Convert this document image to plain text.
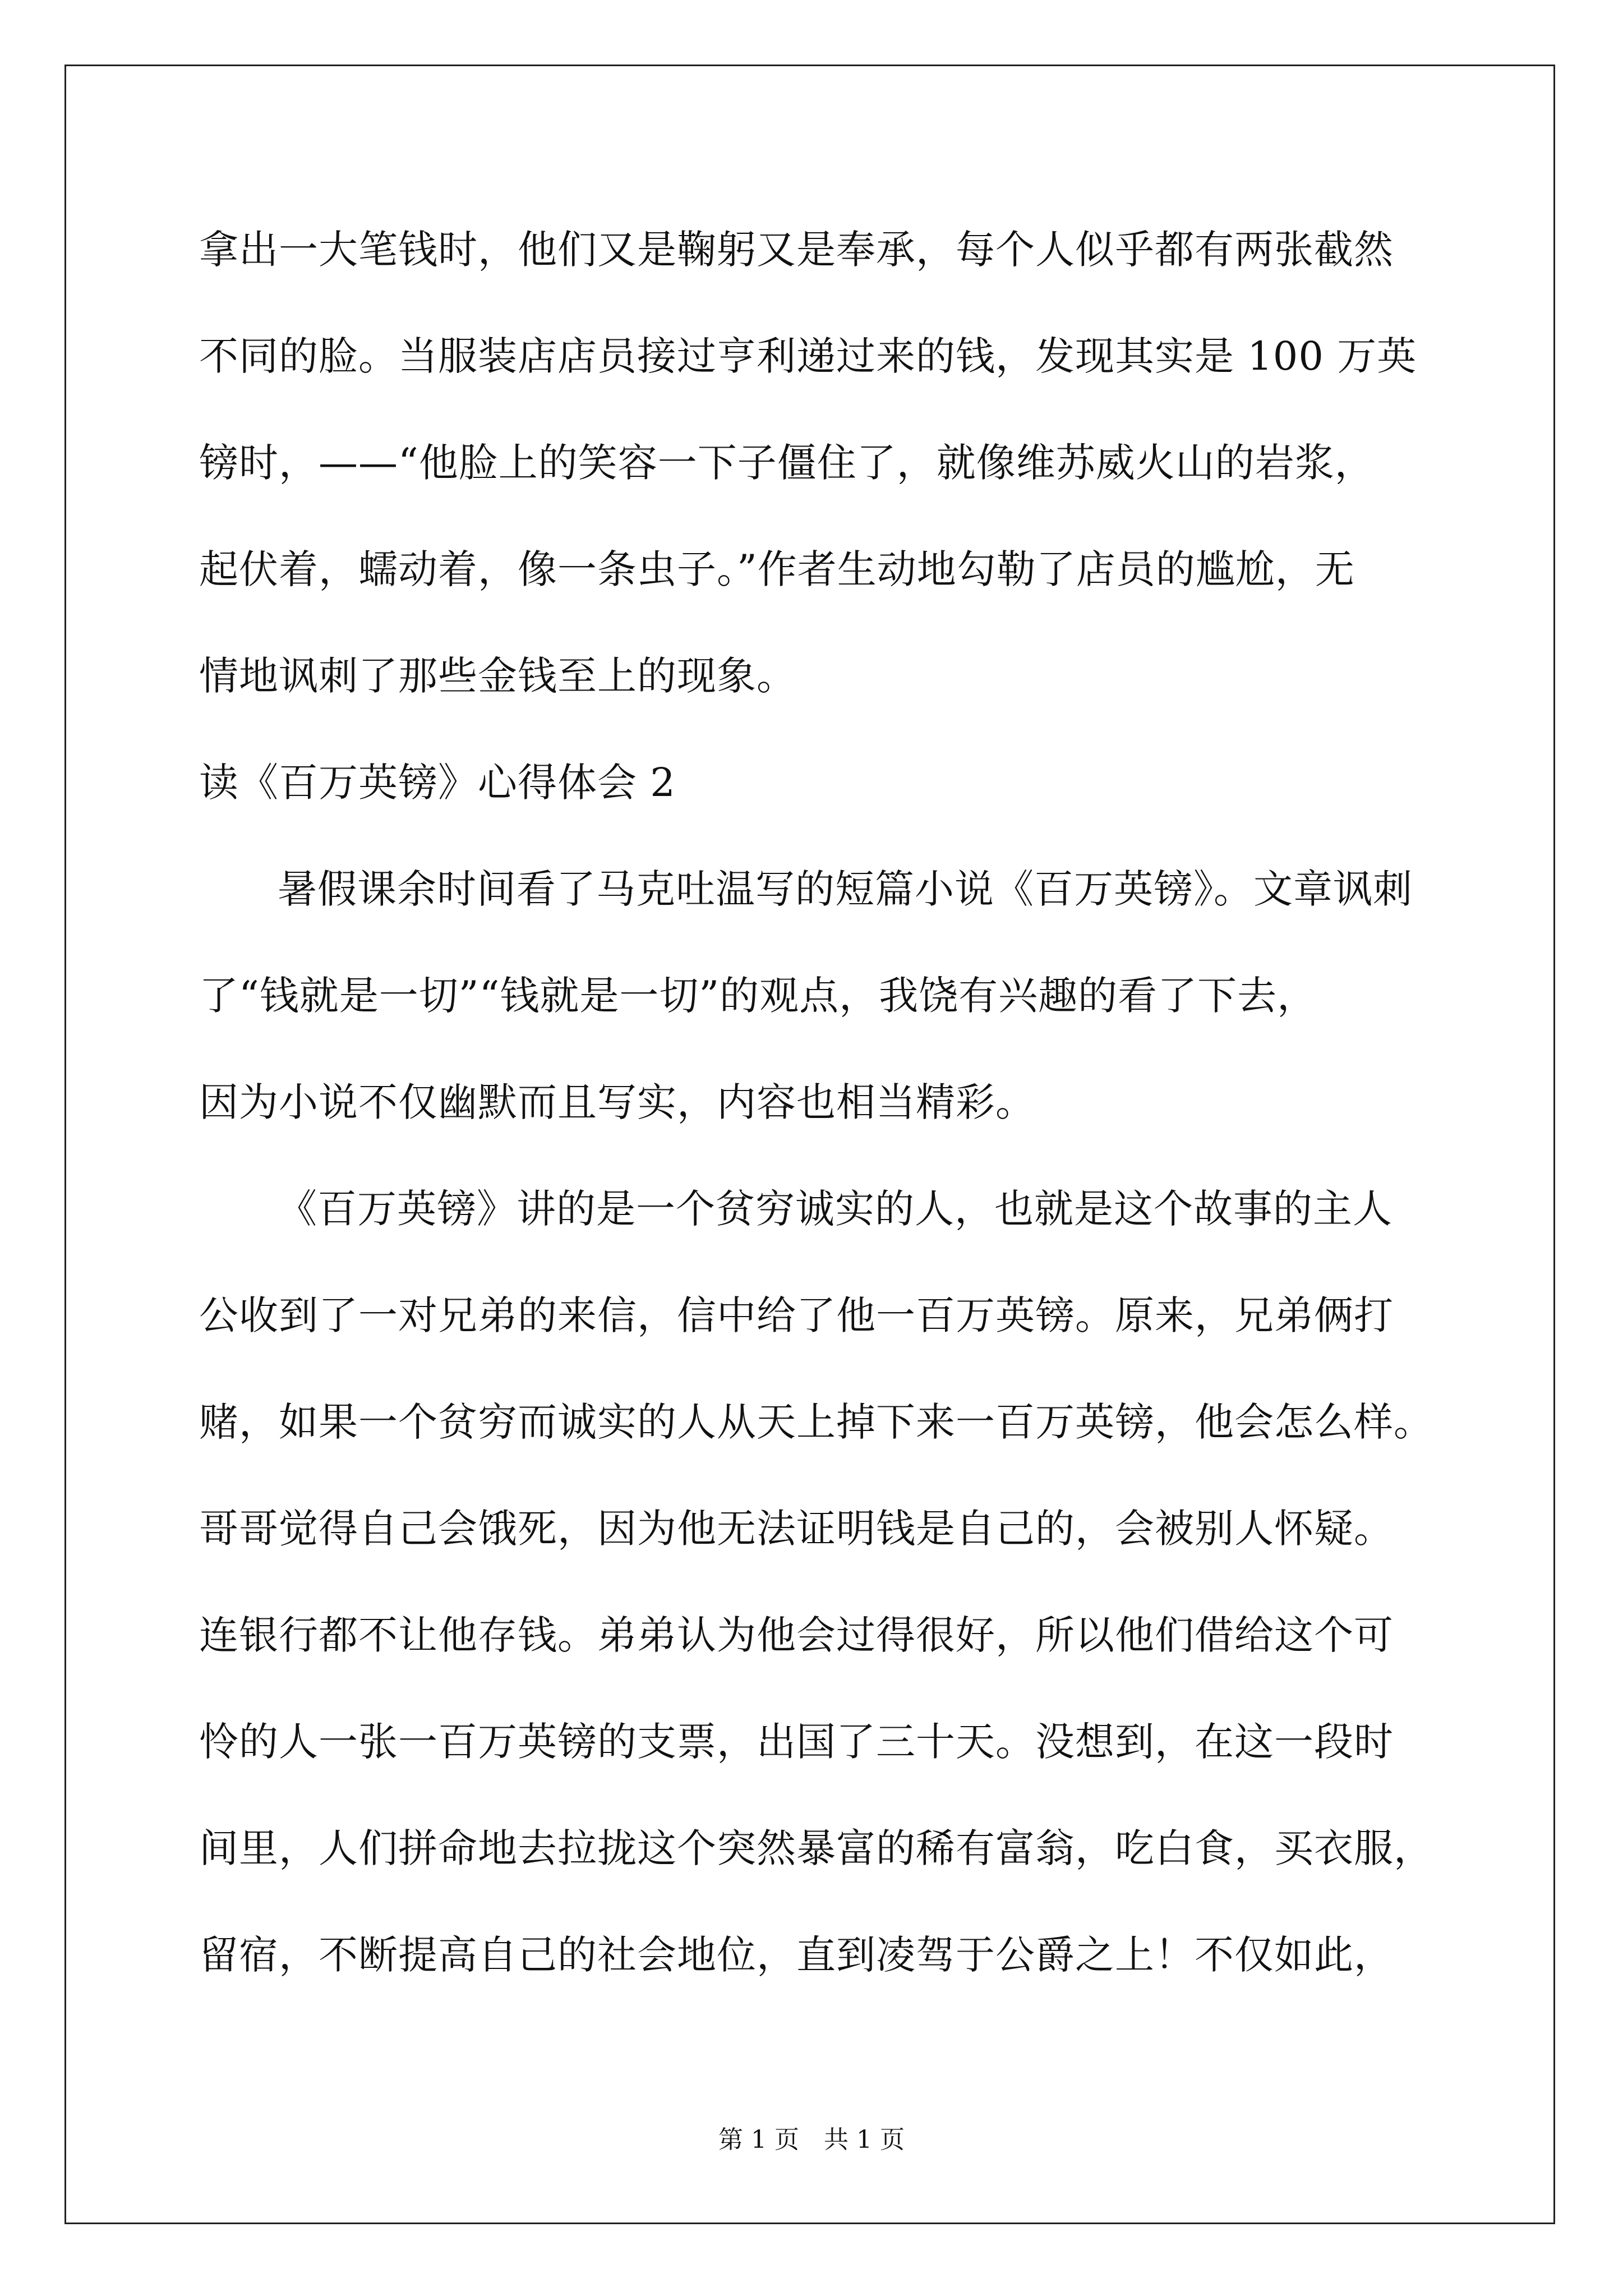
拿出一大笔钱时，他们又是鞠躬又是奉承，每个人似乎都有两张截然
不同的脸。当服装店店员接过亨利递过来的钱，发现其实是 100 万英
镑时，——“他脸上的笑容一下子僵住了，就像维苏威火山的岩浆，
起伏着，蠕动着，像一条虫子。”作者生动地勾勒了店员的尴尬，无
情地讽刺了那些金钱至上的现象。
读《百万英镑》心得体会 2
暑假课余时间看了马克吐温写的短篇小说《百万英镑》。文章讽刺
了“钱就是一切”“钱就是一切”的观点，我饶有兴趣的看了下去，
因为小说不仅幽默而且写实，内容也相当精彩。
《百万英镑》讲的是一个贫穷诚实的人，也就是这个故事的主人
公收到了一对兄弟的来信，信中给了他一百万英镑。原来，兄弟俩打
赌，如果一个贫穷而诚实的人从天上掉下来一百万英镑，他会怎么样。
哥哥觉得自己会饿死，因为他无法证明钱是自己的，会被别人怀疑。
连银行都不让他存钱。弟弟认为他会过得很好，所以他们借给这个可
怜的人一张一百万英镑的支票，出国了三十天。没想到，在这一段时
间里，人们拼命地去拉拢这个突然暴富的稀有富翁，吃白食，买衣服，
留宿，不断提高自己的社会地位，直到凌驾于公爵之上！不仅如此，
第 1 页　共 1 页
